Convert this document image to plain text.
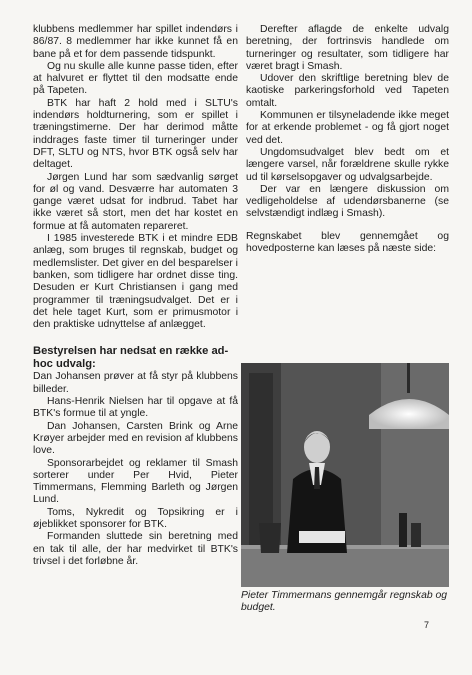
klubbens medlemmer har spillet indendørs i 86/87. 8 medlemmer har ikke kunnet få en bane på et for dem passende tidspunkt.

Og nu skulle alle kunne passe tiden, efter at halvuret er flyttet til den modsatte ende på Tapeten.

BTK har haft 2 hold med i SLTU's indendørs holdturnering, som er spillet i træningstimerne. Der har derimod måtte inddrages faste timer til turneringer under DFT, SLTU og NTS, hvor BTK også selv har deltaget.

Jørgen Lund har som sædvanlig sørget for øl og vand. Desværre har automaten 3 gange været udsat for indbrud. Tabet har ikke været så stort, men det har kostet en formue at få automaten repareret.

I 1985 investerede BTK i et mindre EDB anlæg, som bruges til regnskab, budget og medlemslister. Det giver en del besparelser i banken, som tidligere har ordnet disse ting. Desuden er Kurt Christiansen i gang med programmer til træningsudvalget. Det er i det hele taget Kurt, som er primusmotor i den praktiske udnyttelse af anlægget.

Bestyrelsen har nedsat en række ad-hoc udvalg:

Dan Johansen prøver at få styr på klubbens billeder.

Hans-Henrik Nielsen har til opgave at få BTK's formue til at yngle.

Dan Johansen, Carsten Brink og Arne Krøyer arbejder med en revision af klubbens love.

Sponsorarbejdet og reklamer til Smash sorterer under Per Hvid, Pieter Timmermans, Flemming Barleth og Jørgen Lund.

Toms, Nykredit og Topsikring er i øjeblikket sponsorer for BTK.

Formanden sluttede sin beretning med en tak til alle, der har medvirket til BTK's trivsel i det forløbne år.

Derefter aflagde de enkelte udvalg beretning, der fortrinsvis handlede om turneringer og resultater, som tidligere har været bragt i Smash.

Udover den skriftlige beretning blev de kaotiske parkeringsforhold ved Tapeten omtalt.

Kommunen er tilsyneladende ikke meget for at erkende problemet - og få gjort noget ved det.

Ungdomsudvalget blev bedt om et længere varsel, når forældrene skulle rykke ud til kørselsopgaver og udvalgsarbejde.

Der var en længere diskussion om vedligeholdelse af udendørsbanerne (se selvstændigt indlæg i Smash).

Regnskabet blev gennemgået og hovedposterne kan læses på næste side:

Pieter Timmermans gennemgår regnskab og budget.
7
